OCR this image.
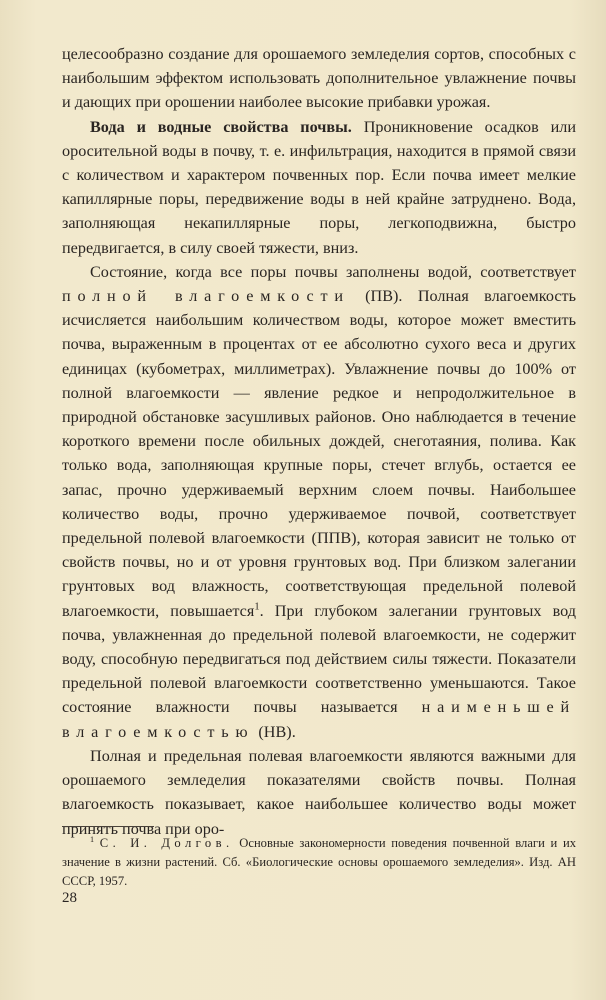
целесообразно создание для орошаемого земледелия сортов, способных с наибольшим эффектом использовать дополнительное увлажнение почвы и дающих при орошении наиболее высокие прибавки урожая.

Вода и водные свойства почвы. Проникновение осадков или оросительной воды в почву, т. е. инфильтрация, находится в прямой связи с количеством и характером почвенных пор. Если почва имеет мелкие капиллярные поры, передвижение воды в ней крайне затруднено. Вода, заполняющая некапиллярные поры, легкоподвижна, быстро передвигается, в силу своей тяжести, вниз.

Состояние, когда все поры почвы заполнены водой, соответствует полной влагоемкости (ПВ). Полная влагоемкость исчисляется наибольшим количеством воды, которое может вместить почва, выраженным в процентах от ее абсолютно сухого веса и других единицах (кубометрах, миллиметрах). Увлажнение почвы до 100% от полной влагоемкости — явление редкое и непродолжительное в природной обстановке засушливых районов. Оно наблюдается в течение короткого времени после обильных дождей, снеготаяния, полива. Как только вода, заполняющая крупные поры, стечет вглубь, остается ее запас, прочно удерживаемый верхним слоем почвы. Наибольшее количество воды, прочно удерживаемое почвой, соответствует предельной полевой влагоемкости (ППВ), которая зависит не только от свойств почвы, но и от уровня грунтовых вод. При близком залегании грунтовых вод влажность, соответствующая предельной полевой влагоемкости, повышается$^1$. При глубоком залегании грунтовых вод почва, увлажненная до предельной полевой влагоемкости, не содержит воду, способную передвигаться под действием силы тяжести. Показатели предельной полевой влагоемкости соответственно уменьшаются. Такое состояние влажности почвы называется наименьшей влагоемкостью (НВ).

Полная и предельная полевая влагоемкости являются важными для орошаемого земледелия показателями свойств почвы. Полная влагоемкость показывает, какое наибольшее количество воды может принять почва при оро-

$^1$ С. И. Долгов. Основные закономерности поведения почвенной влаги и их значение в жизни растений. Сб. «Биологические основы орошаемого земледелия». Изд. АН СССР, 1957.
28
